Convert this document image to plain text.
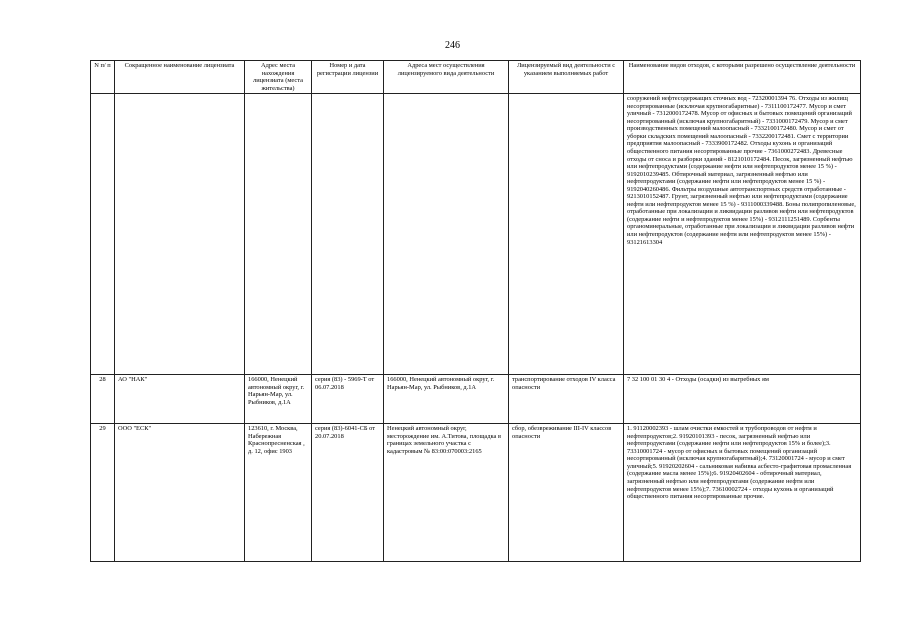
246
N п/ п	Сокращенное наименование лицензиата	Адрес места нахождения лицензиата (места жительства)	Номер и дата регистрации лицензии	Адреса мест осуществления лицензируемого вида деятельности	Лицензируемый вид деятельности с указанием выполняемых работ	Наименование видов отходов, с которыми разрешено осуществление деятельности
						сооружений нефтесодержащих сточных вод - 72320001394 76. Отходы из жилищ несортированные (исключая крупногабаритные) - 7311100172477. Мусор и смет уличный - 7312000172478. Мусор от офисных и бытовых помещений организаций несортированный (исключая крупногабаритный) - 7331000172479. Мусор и смет производственных помещений малоопасный - 7332100172480. Мусор и смет от уборки складских помещений малоопасный - 7332200172481. Смет с территории предприятия малоопасный - 7333900172482. Отходы кухонь и организаций общественного питания несортированные прочие - 7361000272483. Древесные отходы от сноса и разборки зданий - 8121010172484. Песок, загрязненный нефтью или нефтепродуктами (содержание нефти или нефтепродуктов менее 15 %) - 9192010239485. Обтирочный материал, загрязненный нефтью или нефтепродуктами (содержание нефти или нефтепродуктов менее 15 %) - 9192040260486. Фильтры воздушные автотранспортных средств отработанные - 9213010152487. Грунт, загрязненный нефтью или нефтепродуктами (содержание нефти или нефтепродуктов менее 15 %) - 9311000339488. Боны полипропиленовые, отработанные при локализации и ликвидации разливов нефти или нефтепродуктов (содержание нефти и нефтепродуктов менее 15%) - 9312111251489. Сорбенты органоминеральные, отработанные при локализации и ликвидации разливов нефти или нефтепродуктов (содержание нефти или нефтепродуктов менее 15%) - 93121613304
28	АО "НАК"	166000, Ненецкий автономный округ, г. Нарьян-Мар, ул. Рыбников, д.1А	серия (83) - 5969-Т от 06.07.2018	166000, Ненецкий автономный округ, г. Нарьян-Мар, ул. Рыбников, д.1А	транспортирование отходов IV класса опасности	7 32 100 01 30 4 - Отходы (осадки) из выгребных ям
29	ООО "ЕСК"	123610, г. Москва, Набережная Краснопресненская , д. 12, офис 1903	серия (83)-6041-СБ от 20.07.2018	Ненецкий автономный округ, месторождение им. А.Титова, площадка в границах земельного участка с кадастровым № 83:00:070003:2165	сбор, обезвреживание III-IV классов опасности	1. 91120002393 - шлам очистки емкостей и трубопроводов от нефти и нефтепродуктов;2. 91920101393 - песок, загрязненный нефтью или нефтепродуктами (содержание нефти или нефтепродуктов 15% и более);3. 73310001724 - мусор от офисных и бытовых помещений организаций несортированный (исключая крупногабаритный);4. 73120001724 - мусор и смет уличный;5. 91920202604 - сальниковая набивка асбесто-графитовая промасленная (содержание масла менее 15%);6. 91920402604 - обтирочный материал, загрязненный нефтью или нефтепродуктами (содержание нефти или нефтепродуктов менее 15%);7. 73610002724 - отходы кухонь и организаций общественного питания несортированные прочие.
